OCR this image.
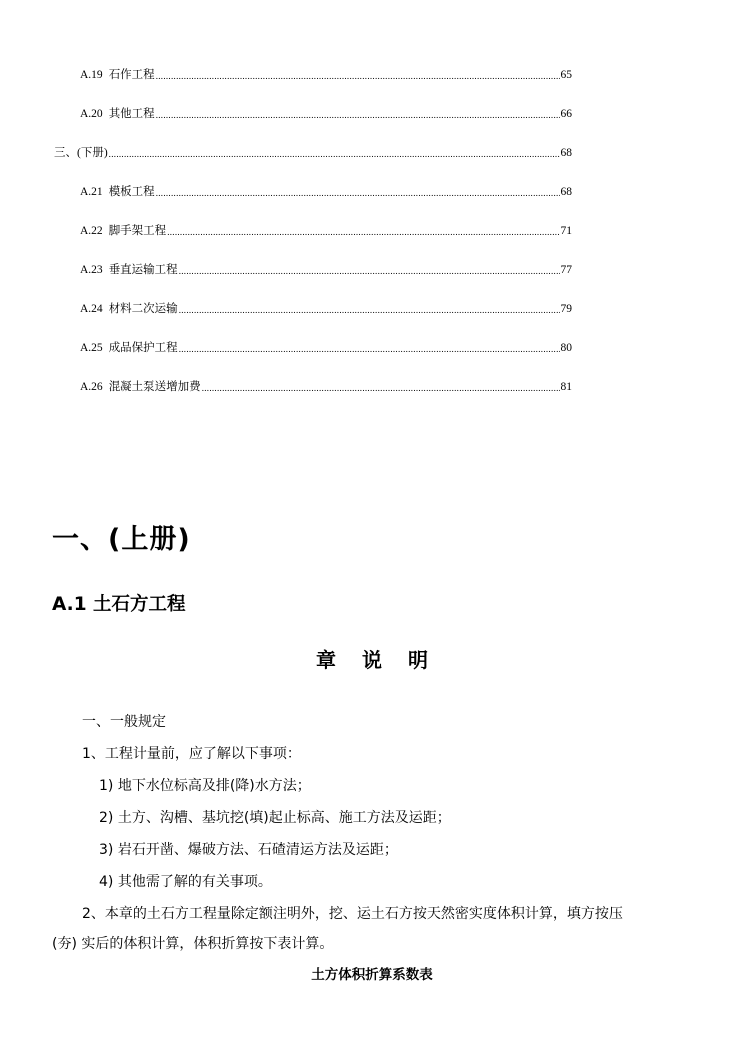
A.19 石作工程 .....	65
A.20 其他工程 .....	66
三、(下册) .....	68
A.21 模板工程 .....	68
A.22 脚手架工程 .....	71
A.23 垂直运输工程 .....	77
A.24 材料二次运输 .....	79
A.25 成品保护工程 .....	80
A.26 混凝土泵送增加费 .....	81
一、(上册)
A.1 土石方工程
章说明
一、一般规定
1、工程计量前，应了解以下事项：
1) 地下水位标高及排(降)水方法；
2) 土方、沟槽、基坑挖(填)起止标高、施工方法及运距；
3) 岩石开凿、爆破方法、石碴清运方法及运距；
4) 其他需了解的有关事项。
2、本章的土石方工程量除定额注明外，挖、运土石方按天然密实度体积计算，填方按压
(夯) 实后的体积计算，体积折算按下表计算。
土方体积折算系数表
